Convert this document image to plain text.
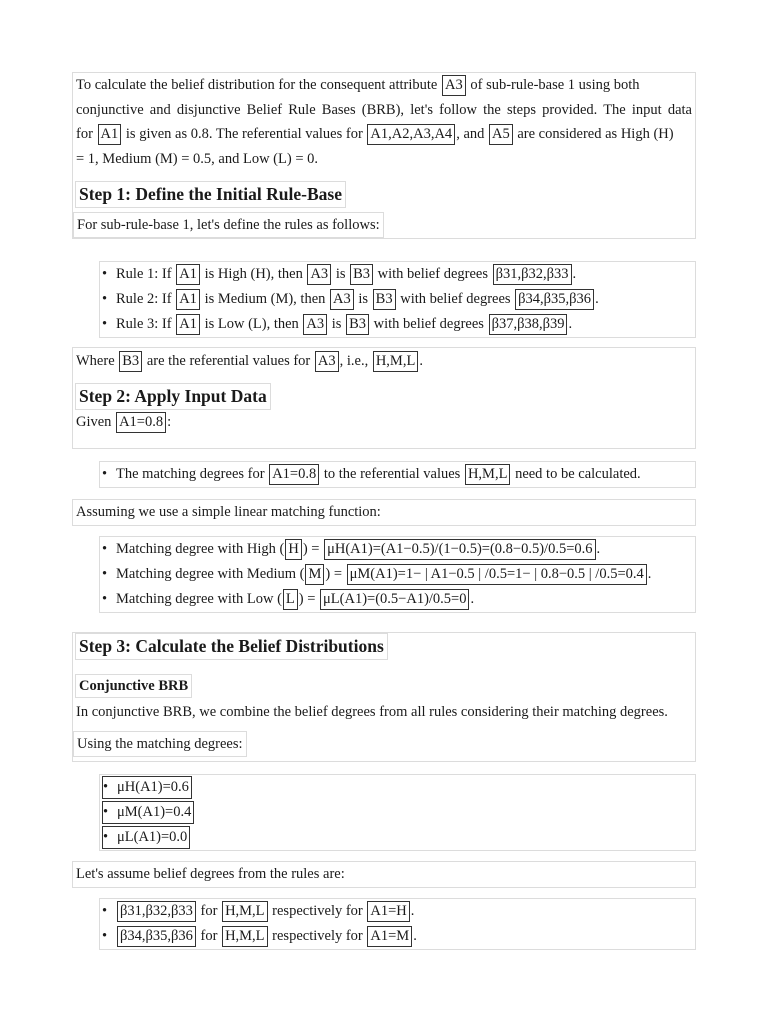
To calculate the belief distribution for the consequent attribute A3 of sub-rule-base 1 using both

conjunctive and disjunctive Belief Rule Bases (BRB), let's follow the steps provided. The input data

for A1 is given as 0.8. The referential values for A1,A2,A3,A4 , and A5 are considered as High (H)

= 1, Medium (M) = 0.5, and Low (L) = 0.

Step 1: Define the Initial Rule-Base
For sub-rule-base 1, let's define the rules as follows:
• Rule 1: If A1 is High (H), then A3 is B3 with belief degrees β31,β32,β33 .
• Rule 2: If A1 is Medium (M), then A3 is B3 with belief degrees β34,β35,β36 .
• Rule 3: If A1 is Low (L), then A3 is B3 with belief degrees β37,β38,β39 .
Where B3 are the referential values for A3 , i.e., H,M,L .
Step 2: Apply Input Data
Given A1=0.8 :
• The matching degrees for A1=0.8 to the referential values H,M,L need to be calculated.

Assuming we use a simple linear matching function:

• Matching degree with High ( H ) = μH(A1)=(A1−0.5)/(1−0.5)=(0.8−0.5)/0.5=0.6 .
• Matching degree with Medium ( M ) = μM(A1)=1− | A1−0.5 | /0.5=1− | 0.8−0.5 | /0.5=0.4 .
• Matching degree with Low ( L ) = μL(A1)=(0.5−A1)/0.5=0 .
Step 3: Calculate the Belief Distributions
Conjunctive BRB

In conjunctive BRB, we combine the belief degrees from all rules considering their matching degrees.

Using the matching degrees:
• μH(A1)=0.6
• μM(A1)=0.4
• μL(A1)=0.0

Let's assume belief degrees from the rules are:

• β31,β32,β33 for H,M,L respectively for A1=H .
• β34,β35,β36 for H,M,L respectively for A1=M .
